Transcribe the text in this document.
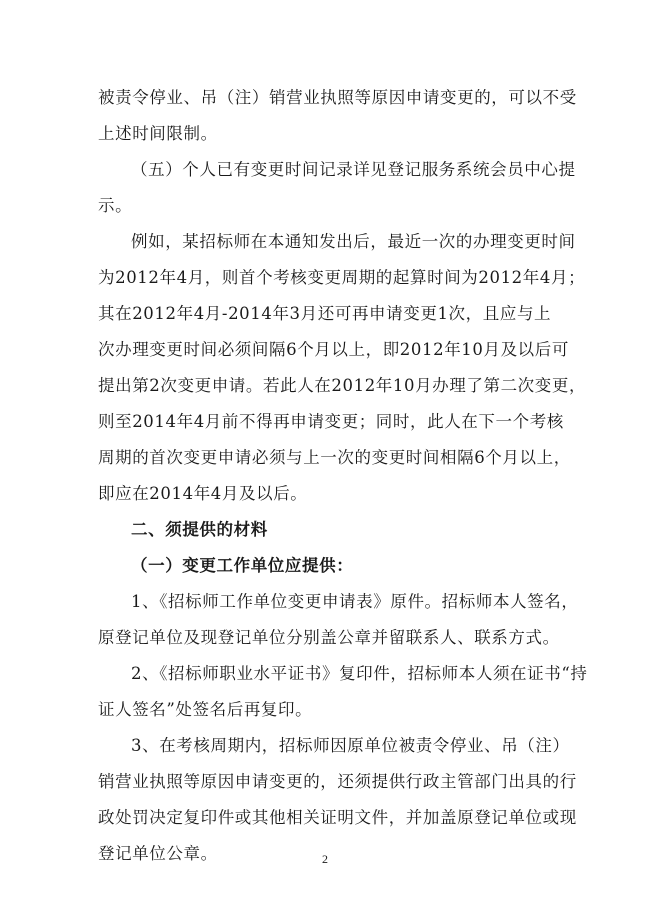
被责令停业、吊（注）销营业执照等原因申请变更的，可以不受
上述时间限制。
（五）个人已有变更时间记录详见登记服务系统会员中心提
示。
例如，某招标师在本通知发出后，最近一次的办理变更时间
为2012年4月，则首个考核变更周期的起算时间为2012年4月；
其在2012年4月-2014年3月还可再申请变更1次，且应与上
次办理变更时间必须间隔6个月以上，即2012年10月及以后可
提出第2次变更申请。若此人在2012年10月办理了第二次变更，
则至2014年4月前不得再申请变更；同时，此人在下一个考核
周期的首次变更申请必须与上一次的变更时间相隔6个月以上，
即应在2014年4月及以后。
二、须提供的材料
（一）变更工作单位应提供：
1、《招标师工作单位变更申请表》原件。招标师本人签名，
原登记单位及现登记单位分别盖公章并留联系人、联系方式。
2、《招标师职业水平证书》复印件，招标师本人须在证书“持
证人签名”处签名后再复印。
3、在考核周期内，招标师因原单位被责令停业、吊（注）
销营业执照等原因申请变更的，还须提供行政主管部门出具的行
政处罚决定复印件或其他相关证明文件，并加盖原登记单位或现
登记单位公章。	2
